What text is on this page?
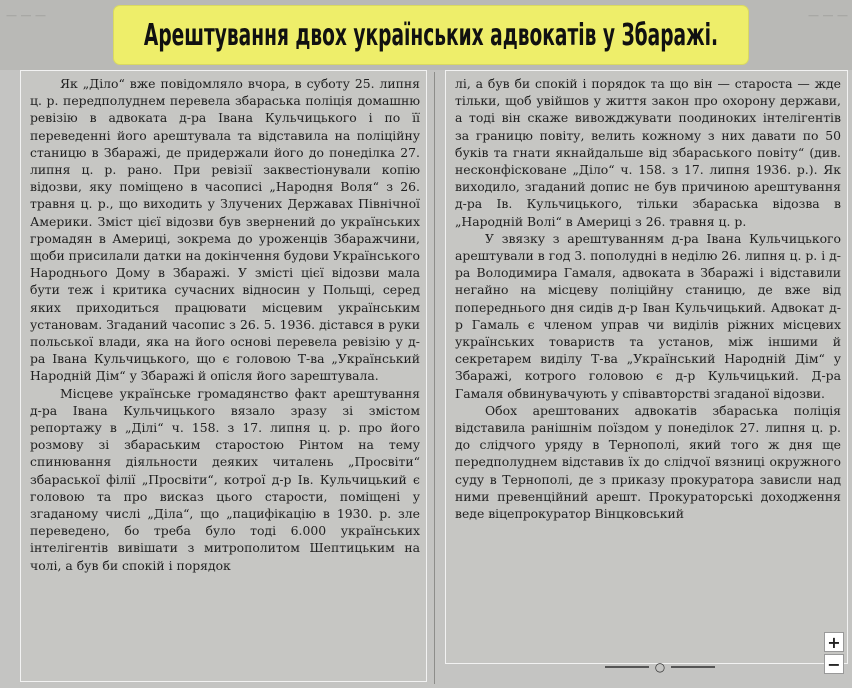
— — —	— — —
Арештування двох українських адвокатів у Збаражі.

Як „Діло“ вже повідомляло вчора, в суботу 25. липня ц. р. передполуднем перевела збараська поліція домашню ревізію в адвоката д-ра Івана Кульчицького і по її переведенні його арештувала та відставила на поліційну станицю в Збаражі, де придержали його до понеділка 27. липня ц. р. рано. При ревізії заквестіонували копію відозви, яку поміщено в часописі „Народня Воля“ з 26. травня ц. р., що виходить у Злучених Державах Північної Америки. Зміст цієї відозви був звернений до українських громадян в Америці, зокрема до уроженців Збаражчини, щоби присилали датки на докінчення будови Українського Народнього Дому в Збаражі. У змісті цієї відозви мала бути теж і критика сучасних відносин у Польщі, серед яких приходиться працювати місцевим українським установам. Згаданий часопис з 26. 5. 1936. дістався в руки польської влади, яка на його основі перевела ревізію у д-ра Івана Кульчицького, що є головою Т-ва „Український Народній Дім“ у Збаражі й опісля його зарештувала.

Місцеве українське громадянство факт арештування д-ра Івана Кульчицького вязало зразу зі змістом репортажу в „Ділі“ ч. 158. з 17. липня ц. р. про його розмову зі збараським старостою Рінтом на тему спинювання діяльности деяких читалень „Просвіти“ збараської філії „Просвіти“, котрої д-р Ів. Кульчицький є головою та про висказ цього старости, поміщені у згаданому числі „Діла“, що „пацифікацію в 1930. р. зле переведено, бо треба було тоді 6.000 українських інтелігентів вивішати з митрополитом Шептицьким на чолі, а був би спокій і порядок

лі, а був би спокій і порядок та що він — староста — жде тільки, щоб увійшов у життя закон про охорону держави, а тоді він скаже вивожджувати поодиноких інтелігентів за границю повіту, велить кожному з них давати по 50 буків та гнати якнайдальше від збараського повіту“ (див. несконфісковане „Діло“ ч. 158. з 17. липня 1936. р.). Як виходило, згаданий допис не був причиною арештування д-ра Ів. Кульчицького, тільки збараська відозва в „Народній Волі“ в Америці з 26. травня ц. р.

У звязку з арештуванням д-ра Івана Кульчицького арештували в год 3. пополудні в неділю 26. липня ц. р. і д-ра Володимира Гамаля, адвоката в Збаражі і відставили негайно на місцеву поліційну станицю, де вже від попереднього дня сидів д-р Іван Кульчицький. Адвокат д-р Гамаль є членом управ чи виділів ріжних місцевих українських товариств та установ, між іншими й секретарем виділу Т-ва „Український Народній Дім“ у Збаражі, котрого головою є д-р Кульчицький. Д-ра Гамаля обвинувачують у співавторстві згаданої відозви.

Обох арештованих адвокатів збараська поліція відставила ранішнім поїздом у понеділок 27. липня ц. р. до слідчого уряду в Тернополі, який того ж дня ще передполуднем відставив їх до слідчої вязниці окружного суду в Тернополі, де з приказу прокуратора зависли над ними превенційний арешт. Прокураторські доходження веде віцепрокуратор Вінцковський

○
+
−
